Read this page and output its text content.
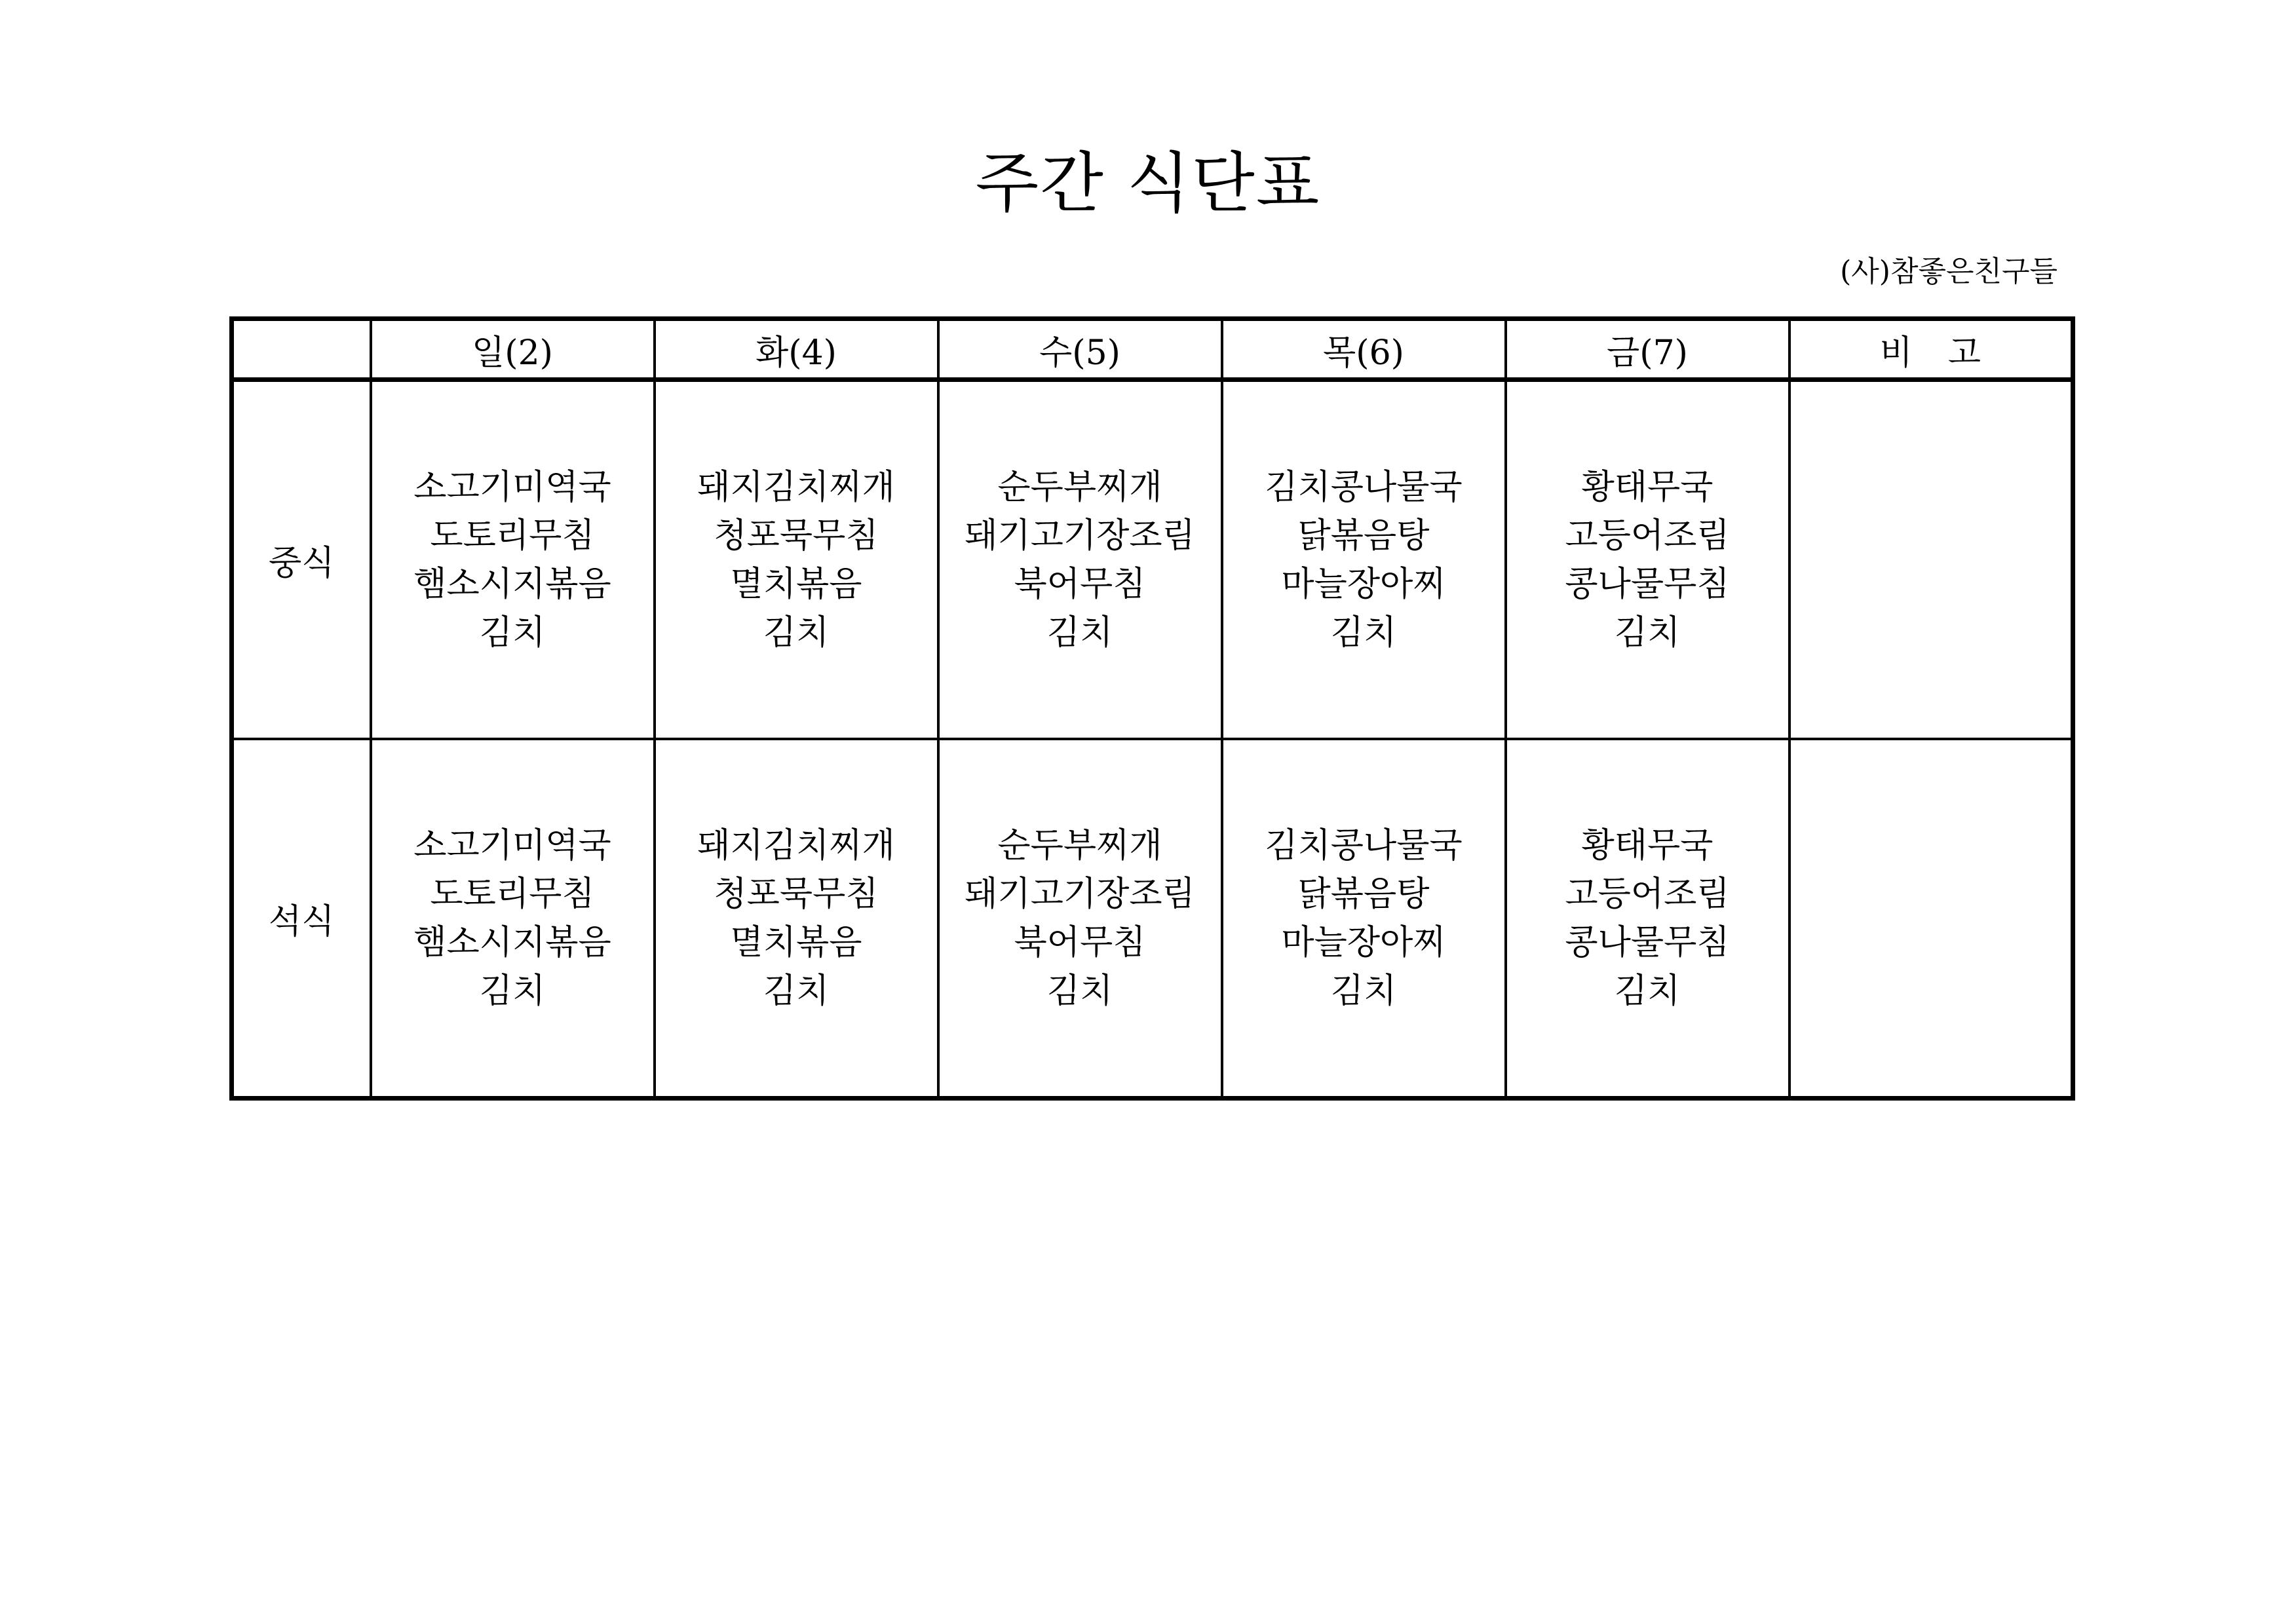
주간 식단표
(사)참좋은친구들
	일(2)	화(4)	수(5)	목(6)	금(7)	비　고
중식	소고기미역국
도토리무침
햄소시지볶음
김치	돼지김치찌개
청포묵무침
멸치볶음
김치	순두부찌개
돼기고기장조림
북어무침
김치	김치콩나물국
닭볶음탕
마늘장아찌
김치	황태무국
고등어조림
콩나물무침
김치	

석식	소고기미역국
도토리무침
햄소시지볶음
김치	돼지김치찌개
청포묵무침
멸치볶음
김치	순두부찌개
돼기고기장조림
북어무침
김치	김치콩나물국
닭볶음탕
마늘장아찌
김치	황태무국
고등어조림
콩나물무침
김치	
